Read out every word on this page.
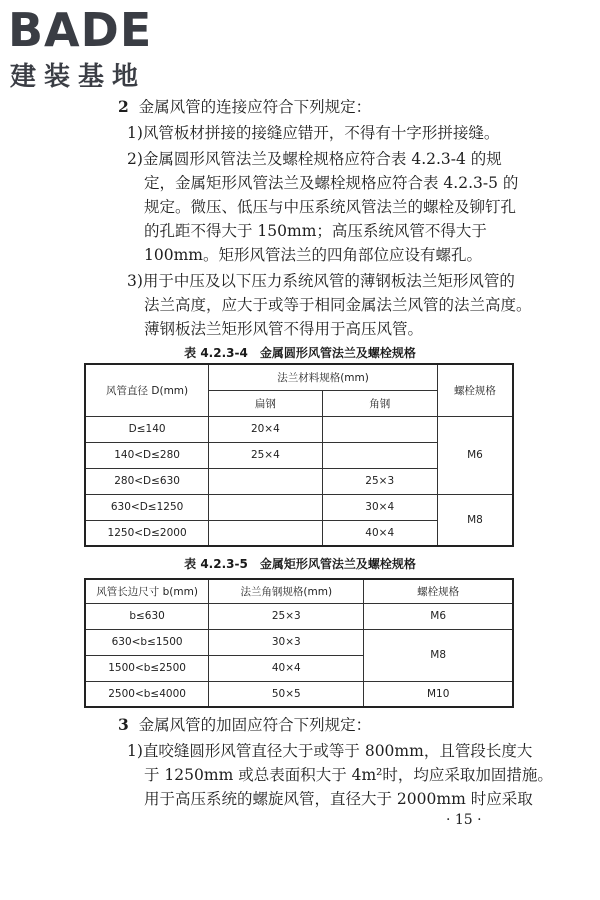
BADE
建装基地
2 金属风管的连接应符合下列规定：
1)风管板材拼接的接缝应错开，不得有十字形拼接缝。
2)金属圆形风管法兰及螺栓规格应符合表 4.2.3-4 的规
定，金属矩形风管法兰及螺栓规格应符合表 4.2.3-5 的
规定。微压、低压与中压系统风管法兰的螺栓及铆钉孔
的孔距不得大于 150mm；高压系统风管不得大于
100mm。矩形风管法兰的四角部位应设有螺孔。
3)用于中压及以下压力系统风管的薄钢板法兰矩形风管的
法兰高度，应大于或等于相同金属法兰风管的法兰高度。
薄钢板法兰矩形风管不得用于高压风管。
表 4.2.3-4　金属圆形风管法兰及螺栓规格
风管直径 D(mm)	法兰材料规格(mm)		螺栓规格
	扁钢	角钢	
D≤140	20×4		M6
140<D≤280	25×4		
280<D≤630		25×3	
630<D≤1250		30×4	M8
1250<D≤2000		40×4	
表 4.2.3-5　金属矩形风管法兰及螺栓规格
风管长边尺寸 b(mm)	法兰角钢规格(mm)	螺栓规格
b≤630	25×3	M6
630<b≤1500	30×3	M8
1500<b≤2500	40×4	
2500<b≤4000	50×5	M10
3 金属风管的加固应符合下列规定：
1)直咬缝圆形风管直径大于或等于 800mm，且管段长度大
于 1250mm 或总表面积大于 4m²时，均应采取加固措施。
用于高压系统的螺旋风管，直径大于 2000mm 时应采取
· 15 ·
